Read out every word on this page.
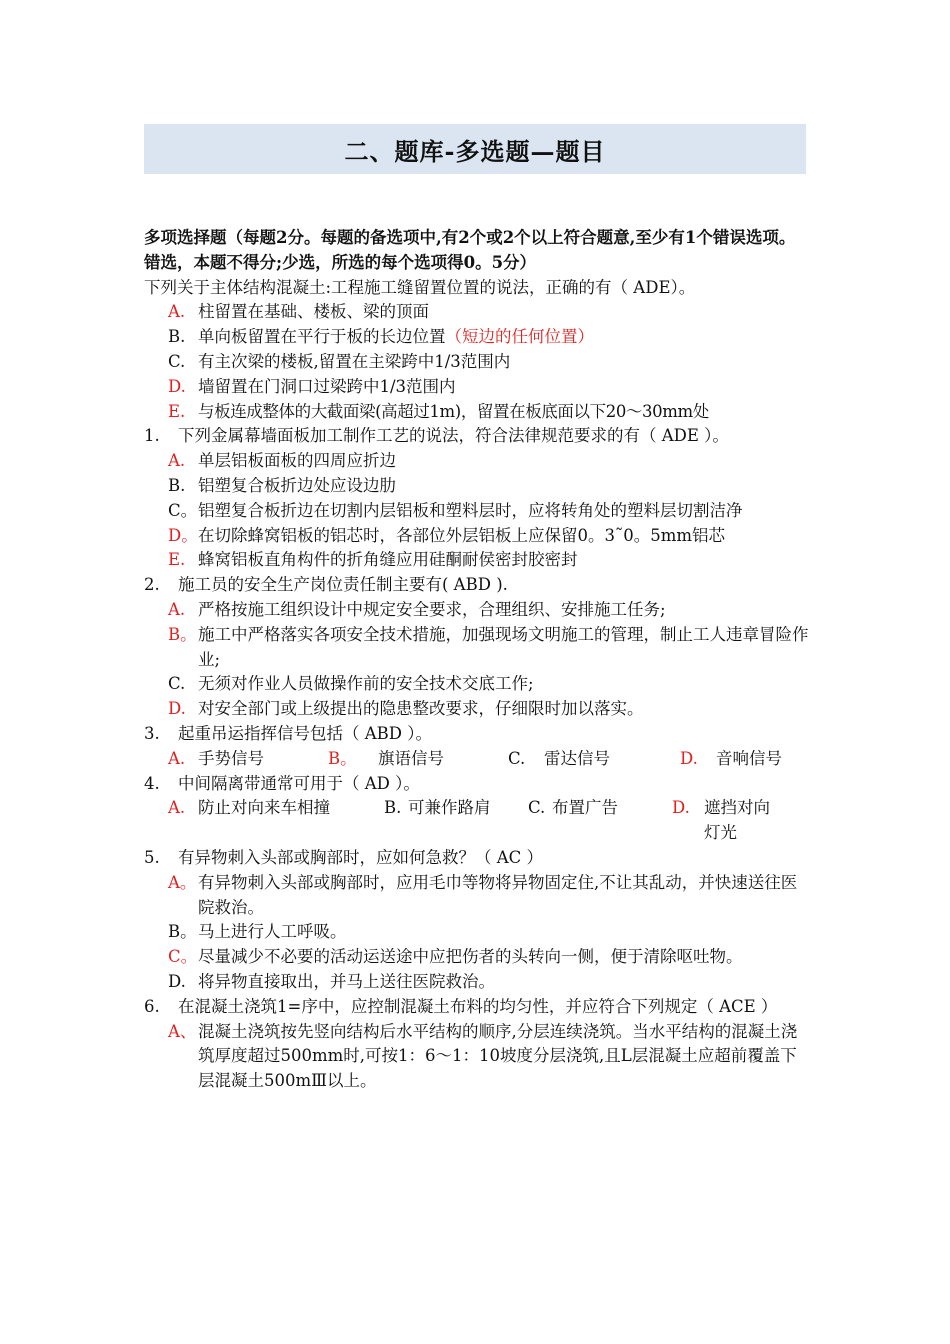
二、题库-多选题—题目
多项选择题（每题2分。每题的备选项中,有2个或2个以上符合题意,至少有1个错误选项。错选，本题不得分;少选，所选的每个选项得0。5分）
下列关于主体结构混凝土:工程施工缝留置位置的说法，正确的有（ ADE）。
A. 柱留置在基础、楼板、梁的顶面
B. 单向板留置在平行于板的长边位置（短边的任何位置）
C. 有主次梁的楼板,留置在主梁跨中1/3范围内
D. 墙留置在门洞口过梁跨中1/3范围内
E. 与板连成整体的大截面梁(高超过1m)，留置在板底面以下20～30mm处
1.	下列金属幕墙面板加工制作工艺的说法，符合法律规范要求的有（ ADE ）。
A. 单层铝板面板的四周应折边
B. 铝塑复合板折边处应设边肋
C。 铝塑复合板折边在切割内层铝板和塑料层时，应将转角处的塑料层切割洁净
D。 在切除蜂窝铝板的铝芯时，各部位外层铝板上应保留0。3˜0。5mm铝芯
E. 蜂窝铝板直角构件的折角缝应用硅酮耐侯密封胶密封
2.	施工员的安全生产岗位责任制主要有( ABD ).
A. 严格按施工组织设计中规定安全要求，合理组织、安排施工任务;
B。 施工中严格落实各项安全技术措施，加强现场文明施工的管理，制止工人违章冒险作业;
C. 无须对作业人员做操作前的安全技术交底工作;
D. 对安全部门或上级提出的隐患整改要求，仔细限时加以落实。
3.	起重吊运指挥信号包括（ ABD ）。
A. 手势信号	B。	旗语信号	C.	雷达信号	D.	音响信号
4.	中间隔离带通常可用于（ AD ）。
A. 防止对向来车相撞	B. 可兼作路肩	C. 布置广告	D. 遮挡对向灯光
5.	有异物刺入头部或胸部时，应如何急救？（ AC ）
A。 有异物刺入头部或胸部时，应用毛巾等物将异物固定住,不让其乱动，并快速送往医院救治。
B。 马上进行人工呼吸。
C。 尽量减少不必要的活动运送途中应把伤者的头转向一侧，便于清除呕吐物。
D. 将异物直接取出，并马上送往医院救治。
6.	在混凝土浇筑1=序中，应控制混凝土布料的均匀性，并应符合下列规定（ ACE ）
A、 混凝土浇筑按先竖向结构后水平结构的顺序,分层连续浇筑。当水平结构的混凝土浇筑厚度超过500mm时,可按1：6～1：10坡度分层浇筑,且L层混凝土应超前覆盖下层混凝土500mⅢ以上。
